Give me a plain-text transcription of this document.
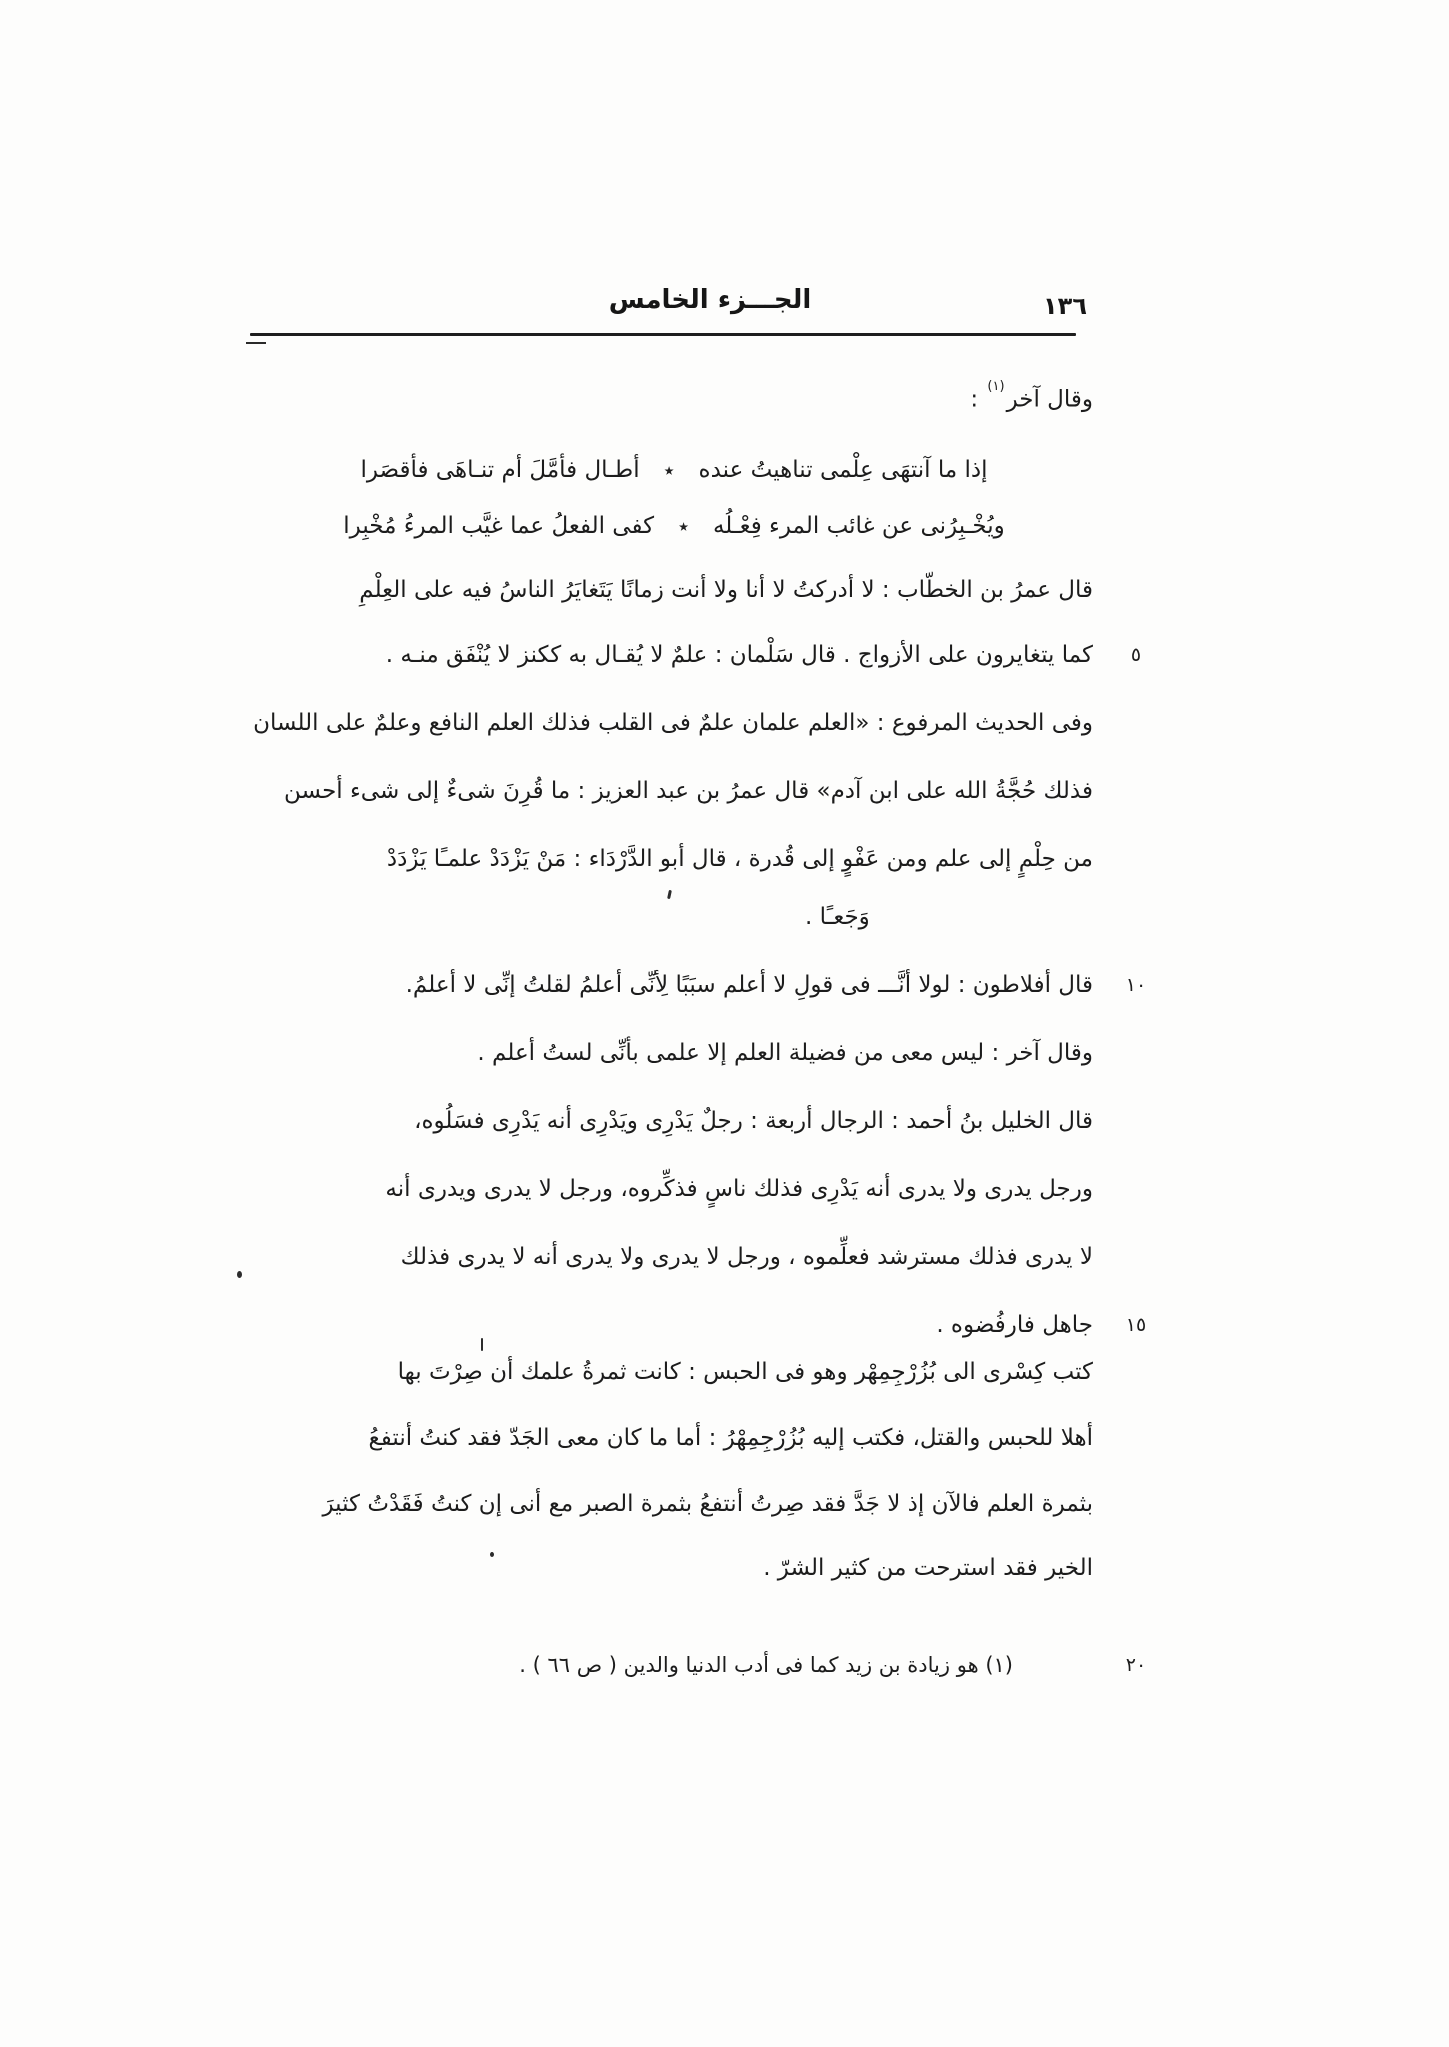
الجـــزء الخامس	١٣٦
وقال آخر(١) :
إذا ما آنتهَى عِلْمى تناهيتُ عنده٭أطـال فأمَّلَ أم تنـاهَى فأقصَرا
ويُخْـبِرُنى عن غائب المرء فِعْـلُه٭كفى الفعلُ عما غيَّب المرءُ مُخْبِرا
قال عمرُ بن الخطّاب : لا أدركتُ لا أنا ولا أنت زمانًا يَتَغايَرُ الناسُ فيه على العِلْمِ
كما يتغايرون على الأزواج . قال سَلْمان : علمٌ لا يُقـال به ككنز لا يُنْفَق منـه .
وفى الحديث المرفوع : «العلم علمان علمٌ فى القلب فذلك العلم النافع وعلمٌ على اللسان
فذلك حُجَّةُ الله على ابن آدم» قال عمرُ بن عبد العزيز : ما قُرِنَ شىءٌ إلى شىء أحسن
من حِلْمٍ إلى علم ومن عَفْوٍ إلى قُدرة ، قال أبو الدَّرْدَاء : مَنْ يَزْدَدْ علمـًا يَزْدَدْ
وَجَعـًا .
قال أفلاطون : لولا أنَّـــ فى قولِ لا أعلم سبَبًا لِأنِّى أعلمُ لقلتُ إنِّى لا أعلمُ.
وقال آخر : ليس معى من فضيلة العلم إلا علمى بأنِّى لستُ أعلم .
قال الخليل بنُ أحمد : الرجال أربعة : رجلٌ يَدْرِى ويَدْرِى أنه يَدْرِى فسَلُوه،
ورجل يدرى ولا يدرى أنه يَدْرِى فذلك ناسٍ فذكِّروه، ورجل لا يدرى ويدرى أنه
لا يدرى فذلك مسترشد فعلِّموه ، ورجل لا يدرى ولا يدرى أنه لا يدرى فذلك
جاهل فارفُضوه .
كتب كِسْرى الى بُزُرْجِمِهْر وهو فى الحبس : كانت ثمرةُ علمك أن صِرْتَ بها
أهلا للحبس والقتل، فكتب إليه بُزُرْجِمِهْرُ : أما ما كان معى الجَدّ فقد كنتُ أنتفعُ
بثمرة العلم فالآن إذ لا جَدَّ فقد صِرتُ أنتفعُ بثمرة الصبر مع أنى إن كنتُ فَقَدْتُ كثيرَ
الخير فقد استرحت من كثير الشرّ .
٥
١٠
١٥
٢٠
(١) هو زيادة بن زيد كما فى أدب الدنيا والدين ( ص ٦٦ ) .
